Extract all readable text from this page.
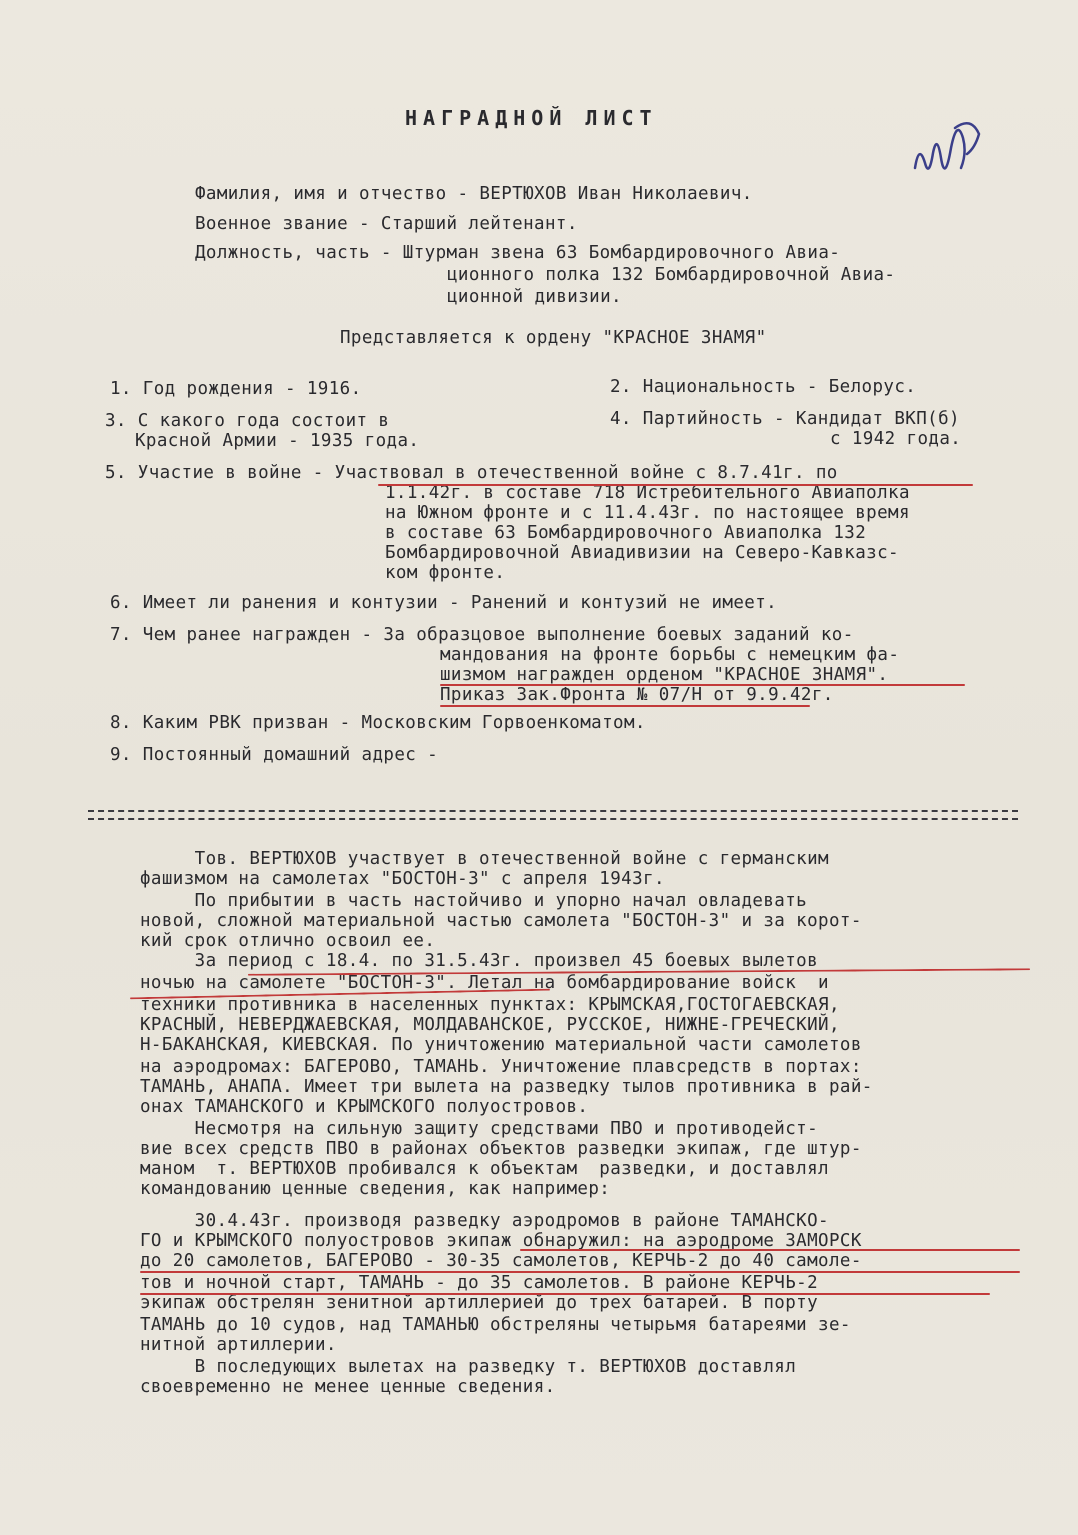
НАГРАДНОЙ ЛИСТ
Фамилия, имя и отчество - ВЕРТЮХОВ Иван Николаевич.
Военное звание - Старший лейтенант.
Должность, часть - Штурман звена 63 Бомбардировочного Авиа-
ционного полка 132 Бомбардировочной Авиа-
ционной дивизии.
Представляется к ордену "КРАСНОЕ ЗНАМЯ"
1. Год рождения - 1916.	2. Национальность - Белорус.
3. С какого года состоит в
Красной Армии - 1935 года.
4. Партийность - Кандидат ВКП(б)
с 1942 года.
5. Участие в войне - Участвовал в отечественной войне с 8.7.41г. по
1.1.42г. в составе 718 Истребительного Авиаполка
на Южном фронте и с 11.4.43г. по настоящее время
в составе 63 Бомбардировочного Авиаполка 132
Бомбардировочной Авиадивизии на Северо-Кавказс-
ком фронте.
6. Имеет ли ранения и контузии - Ранений и контузий не имеет.
7. Чем ранее награжден - За образцовое выполнение боевых заданий ко-
мандования на фронте борьбы с немецким фа-
шизмом награжден орденом "КРАСНОЕ ЗНАМЯ".
Приказ Зак.Фронта № 07/Н от 9.9.42г.
8. Каким РВК призван - Московским Горвоенкоматом.
9. Постоянный домашний адрес -
Тов. ВЕРТЮХОВ участвует в отечественной войне с германским
фашизмом на самолетах "БОСТОН-3" с апреля 1943г.
По прибытии в часть настойчиво и упорно начал овладевать
новой, сложной материальной частью самолета "БОСТОН-3" и за корот-
кий срок отлично освоил ее.
За период с 18.4. по 31.5.43г. произвел 45 боевых вылетов
ночью на самолете "БОСТОН-3". Летал на бомбардирование войск  и
техники противника в населенных пунктах: КРЫМСКАЯ,ГОСТОГАЕВСКАЯ,
КРАСНЫЙ, НЕВЕРДЖАЕВСКАЯ, МОЛДАВАНСКОЕ, РУССКОЕ, НИЖНЕ-ГРЕЧЕСКИЙ,
Н-БАКАНСКАЯ, КИЕВСКАЯ. По уничтожению материальной части самолетов
на аэродромах: БАГЕРОВО, ТАМАНЬ. Уничтожение плавсредств в портах:
ТАМАНЬ, АНАПА. Имеет три вылета на разведку тылов противника в рай-
онах ТАМАНСКОГО и КРЫМСКОГО полуостровов.
Несмотря на сильную защиту средствами ПВО и противодейст-
вие всех средств ПВО в районах объектов разведки экипаж, где штур-
маном  т. ВЕРТЮХОВ пробивался к объектам  разведки, и доставлял
командованию ценные сведения, как например:
30.4.43г. производя разведку аэродромов в районе ТАМАНСКО-
ГО и КРЫМСКОГО полуостровов экипаж обнаружил: на аэродроме ЗАМОРСК
до 20 самолетов, БАГЕРОВО - 30-35 самолетов, КЕРЧЬ-2 до 40 самоле-
тов и ночной старт, ТАМАНЬ - до 35 самолетов. В районе КЕРЧЬ-2
экипаж обстрелян зенитной артиллерией до трех батарей. В порту
ТАМАНЬ до 10 судов, над ТАМАНЬЮ обстреляны четырьмя батареями зе-
нитной артиллерии.
В последующих вылетах на разведку т. ВЕРТЮХОВ доставлял
своевременно не менее ценные сведения.
